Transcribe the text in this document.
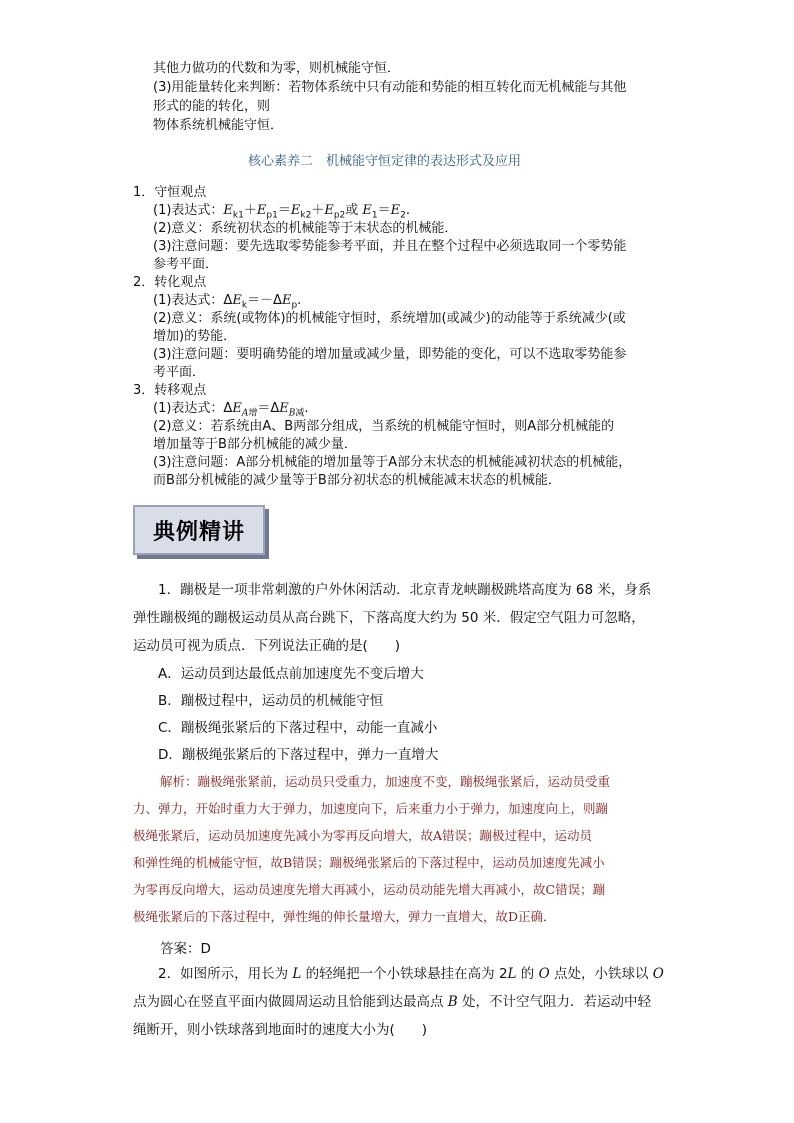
其他力做功的代数和为零，则机械能守恒．
(3)用能量转化来判断：若物体系统中只有动能和势能的相互转化而无机械能与其他
形式的能的转化，则
物体系统机械能守恒．
核心素养二　机械能守恒定律的表达形式及应用
1．守恒观点
(1)表达式：$E_{k1}+E_{p1}=E_{k2}+E_{p2}$或 $E_1=E_2$.
(2)意义：系统初状态的机械能等于末状态的机械能．
(3)注意问题：要先选取零势能参考平面，并且在整个过程中必须选取同一个零势能
参考平面．
2．转化观点
(1)表达式：$\Delta E_k=-\Delta E_p$.
(2)意义：系统(或物体)的机械能守恒时，系统增加(或减少)的动能等于系统减少(或
增加)的势能．
(3)注意问题：要明确势能的增加量或减少量，即势能的变化，可以不选取零势能参
考平面．
3．转移观点
(1)表达式：$\Delta E_{A增}=\Delta E_{B减}$.
(2)意义：若系统由A、B两部分组成，当系统的机械能守恒时，则A部分机械能的
增加量等于B部分机械能的减少量．
(3)注意问题：A部分机械能的增加量等于A部分末状态的机械能减初状态的机械能，
而B部分机械能的减少量等于B部分初状态的机械能减末状态的机械能．
典例精讲
1．蹦极是一项非常刺激的户外休闲活动．北京青龙峡蹦极跳塔高度为 68 米，身系
弹性蹦极绳的蹦极运动员从高台跳下，下落高度大约为 50 米．假定空气阻力可忽略，
运动员可视为质点．下列说法正确的是(　　)
A．运动员到达最低点前加速度先不变后增大
B．蹦极过程中，运动员的机械能守恒
C．蹦极绳张紧后的下落过程中，动能一直减小
D．蹦极绳张紧后的下落过程中，弹力一直增大
解析：蹦极绳张紧前，运动员只受重力，加速度不变，蹦极绳张紧后，运动员受重
力、弹力，开始时重力大于弹力，加速度向下，后来重力小于弹力，加速度向上，则蹦
极绳张紧后，运动员加速度先减小为零再反向增大，故A错误；蹦极过程中，运动员
和弹性绳的机械能守恒，故B错误；蹦极绳张紧后的下落过程中，运动员加速度先减小
为零再反向增大，运动员速度先增大再减小，运动员动能先增大再减小，故C错误；蹦
极绳张紧后的下落过程中，弹性绳的伸长量增大，弹力一直增大，故D正确．
答案：D
2．如图所示，用长为 L 的轻绳把一个小铁球悬挂在高为 2L 的 O 点处，小铁球以 O
点为圆心在竖直平面内做圆周运动且恰能到达最高点 B 处，不计空气阻力．若运动中轻
绳断开，则小铁球落到地面时的速度大小为(　　)
